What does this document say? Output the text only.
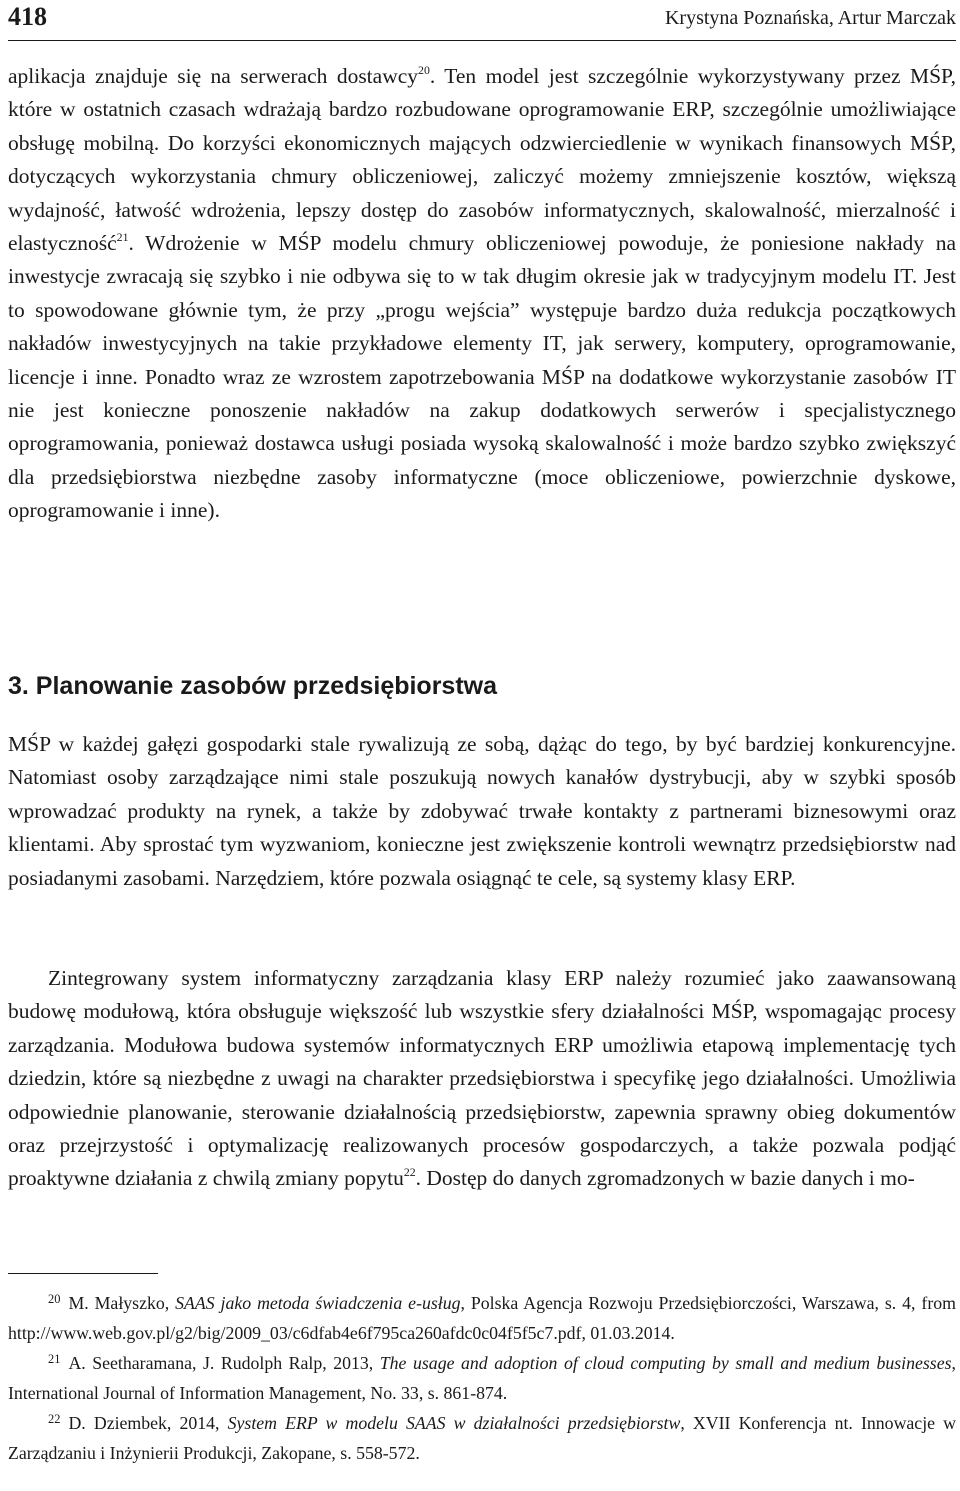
418	Krystyna Poznańska, Artur Marczak

aplikacja znajduje się na serwerach dostawcy$^{20}$. Ten model jest szczególnie wykorzystywany przez MŚP, które w ostatnich czasach wdrażają bardzo rozbudowane oprogramowanie ERP, szczególnie umożliwiające obsługę mobilną. Do korzyści ekonomicznych mających odzwierciedlenie w wynikach finansowych MŚP, dotyczących wykorzystania chmury obliczeniowej, zaliczyć możemy zmniejszenie kosztów, większą wydajność, łatwość wdrożenia, lepszy dostęp do zasobów informatycznych, skalowalność, mierzalność i elastyczność$^{21}$. Wdrożenie w MŚP modelu chmury obliczeniowej powoduje, że poniesione nakłady na inwestycje zwracają się szybko i nie odbywa się to w tak długim okresie jak w tradycyjnym modelu IT. Jest to spowodowane głównie tym, że przy „progu wejścia” występuje bardzo duża redukcja początkowych nakładów inwestycyjnych na takie przykładowe elementy IT, jak serwery, komputery, oprogramowanie, licencje i inne. Ponadto wraz ze wzrostem zapotrzebowania MŚP na dodatkowe wykorzystanie zasobów IT nie jest konieczne ponoszenie nakładów na zakup dodatkowych serwerów i specjalistycznego oprogramowania, ponieważ dostawca usługi posiada wysoką skalowalność i może bardzo szybko zwiększyć dla przedsiębiorstwa niezbędne zasoby informatyczne (moce obliczeniowe, powierzchnie dyskowe, oprogramowanie i inne).

3. Planowanie zasobów przedsiębiorstwa

MŚP w każdej gałęzi gospodarki stale rywalizują ze sobą, dążąc do tego, by być bardziej konkurencyjne. Natomiast osoby zarządzające nimi stale poszukują nowych kanałów dystrybucji, aby w szybki sposób wprowadzać produkty na rynek, a także by zdobywać trwałe kontakty z partnerami biznesowymi oraz klientami. Aby sprostać tym wyzwaniom, konieczne jest zwiększenie kontroli wewnątrz przedsiębiorstw nad posiadanymi zasobami. Narzędziem, które pozwala osiągnąć te cele, są systemy klasy ERP.

Zintegrowany system informatyczny zarządzania klasy ERP należy rozumieć jako zaawansowaną budowę modułową, która obsługuje większość lub wszystkie sfery działalności MŚP, wspomagając procesy zarządzania. Modułowa budowa systemów informatycznych ERP umożliwia etapową implementację tych dziedzin, które są niezbędne z uwagi na charakter przedsiębiorstwa i specyfikę jego działalności. Umożliwia odpowiednie planowanie, sterowanie działalnością przedsiębiorstw, zapewnia sprawny obieg dokumentów oraz przejrzystość i optymalizację realizowanych procesów gospodarczych, a także pozwala podjąć proaktywne działania z chwilą zmiany popytu$^{22}$. Dostęp do danych zgromadzonych w bazie danych i mo-

$^{20}$ M. Małyszko, SAAS jako metoda świadczenia e-usług, Polska Agencja Rozwoju Przedsiębiorczości, Warszawa, s. 4, from http://www.web.gov.pl/g2/big/2009_03/c6dfab4e6f795ca260afdc0c04f5f5c7.pdf, 01.03.2014.

$^{21}$ A. Seetharamana, J. Rudolph Ralp, 2013, The usage and adoption of cloud computing by small and medium businesses, International Journal of Information Management, No. 33, s. 861-874.

$^{22}$ D. Dziembek, 2014, System ERP w modelu SAAS w działalności przedsiębiorstw, XVII Konferencja nt. Innowacje w Zarządzaniu i Inżynierii Produkcji, Zakopane, s. 558-572.
